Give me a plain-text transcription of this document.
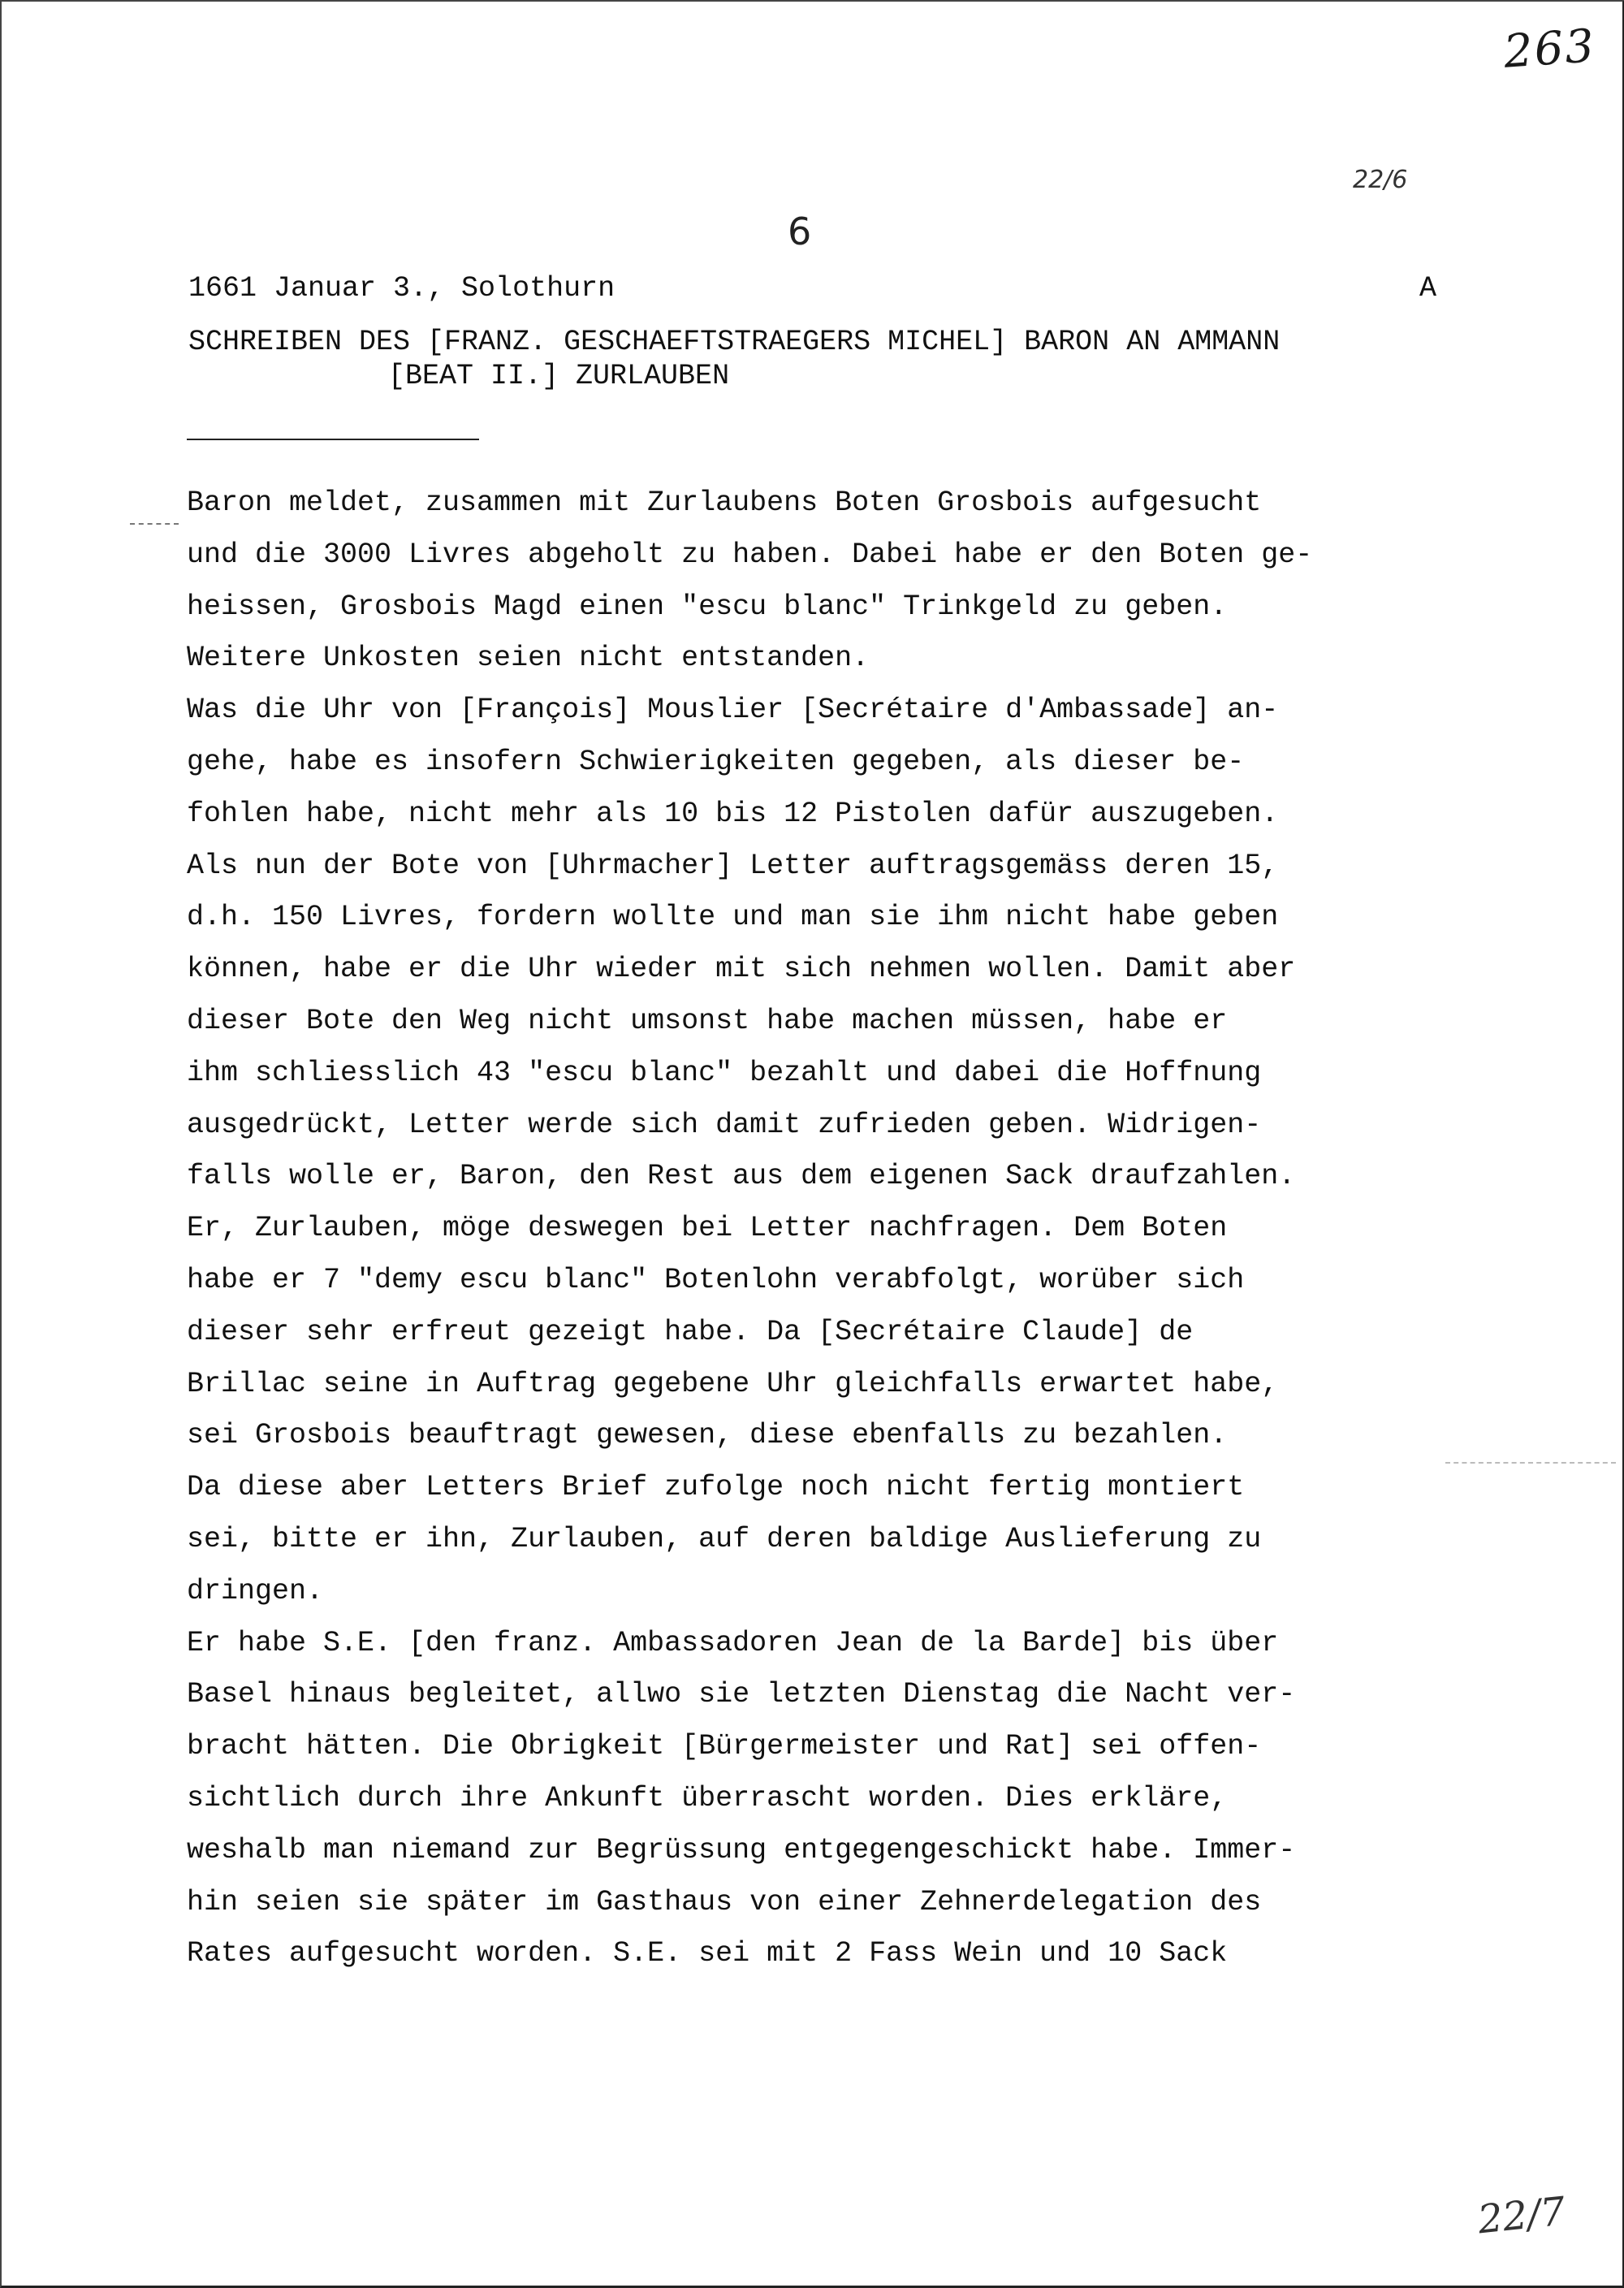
263
22/6
6
1661 Januar 3., Solothurn	A
SCHREIBEN DES [FRANZ. GESCHAEFTSTRAEGERS MICHEL] BARON AN AMMANN
[BEAT II.] ZURLAUBEN
Baron meldet, zusammen mit Zurlaubens Boten Grosbois aufgesucht
und die 3000 Livres abgeholt zu haben. Dabei habe er den Boten ge-
heissen, Grosbois Magd einen "escu blanc" Trinkgeld zu geben.
Weitere Unkosten seien nicht entstanden.
Was die Uhr von [François] Mouslier [Secrétaire d'Ambassade] an-
gehe, habe es insofern Schwierigkeiten gegeben, als dieser be-
fohlen habe, nicht mehr als 10 bis 12 Pistolen dafür auszugeben.
Als nun der Bote von [Uhrmacher] Letter auftragsgemäss deren 15,
d.h. 150 Livres, fordern wollte und man sie ihm nicht habe geben
können, habe er die Uhr wieder mit sich nehmen wollen. Damit aber
dieser Bote den Weg nicht umsonst habe machen müssen, habe er
ihm schliesslich 43 "escu blanc" bezahlt und dabei die Hoffnung
ausgedrückt, Letter werde sich damit zufrieden geben. Widrigen-
falls wolle er, Baron, den Rest aus dem eigenen Sack draufzahlen.
Er, Zurlauben, möge deswegen bei Letter nachfragen. Dem Boten
habe er 7 "demy escu blanc" Botenlohn verabfolgt, worüber sich
dieser sehr erfreut gezeigt habe. Da [Secrétaire Claude] de
Brillac seine in Auftrag gegebene Uhr gleichfalls erwartet habe,
sei Grosbois beauftragt gewesen, diese ebenfalls zu bezahlen.
Da diese aber Letters Brief zufolge noch nicht fertig montiert
sei, bitte er ihn, Zurlauben, auf deren baldige Auslieferung zu
dringen.
Er habe S.E. [den franz. Ambassadoren Jean de la Barde] bis über
Basel hinaus begleitet, allwo sie letzten Dienstag die Nacht ver-
bracht hätten. Die Obrigkeit [Bürgermeister und Rat] sei offen-
sichtlich durch ihre Ankunft überrascht worden. Dies erkläre,
weshalb man niemand zur Begrüssung entgegengeschickt habe. Immer-
hin seien sie später im Gasthaus von einer Zehnerdelegation des
Rates aufgesucht worden. S.E. sei mit 2 Fass Wein und 10 Sack
22/7
